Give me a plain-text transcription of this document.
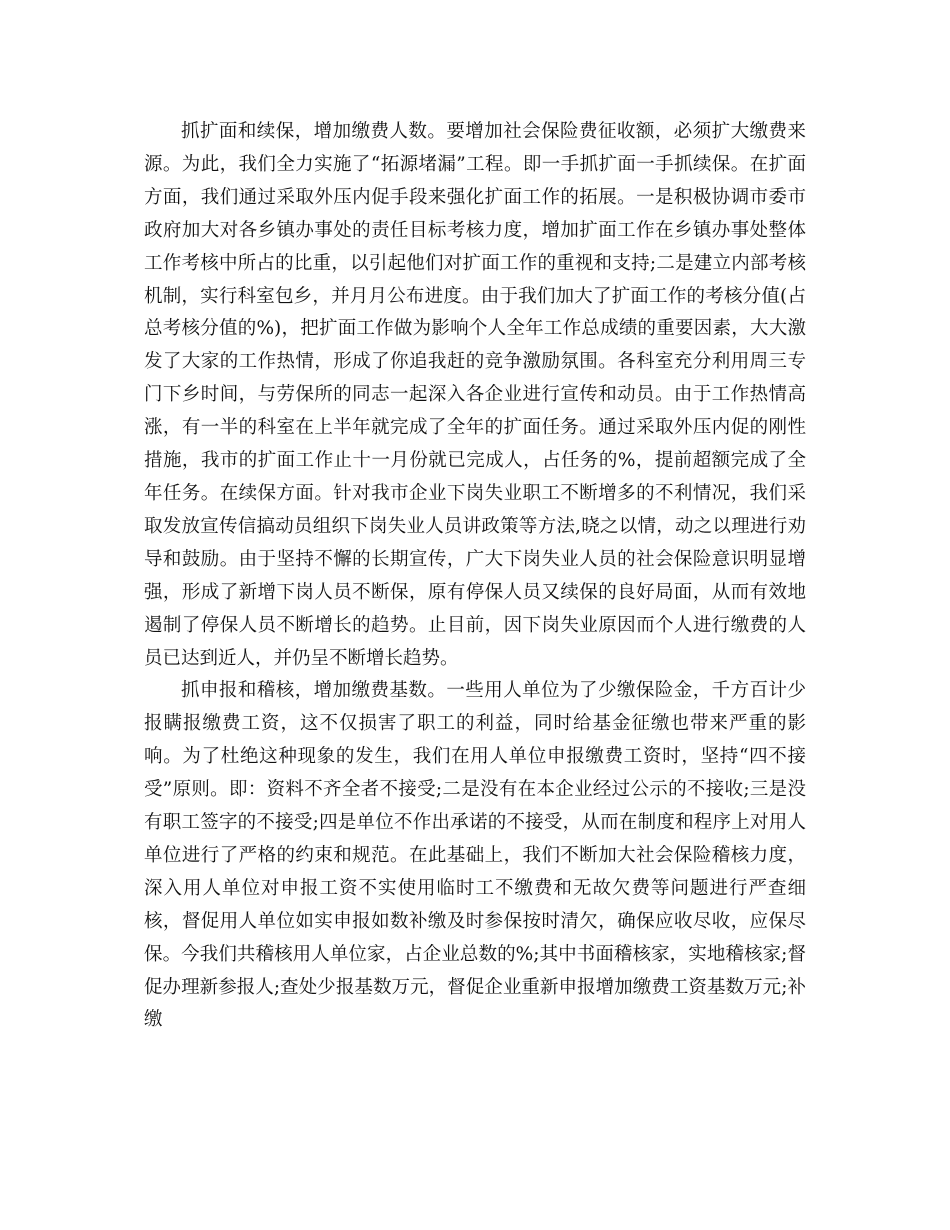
抓扩面和续保，增加缴费人数。要增加社会保险费征收额，必须扩大缴费来源。为此，我们全力实施了“拓源堵漏”工程。即一手抓扩面一手抓续保。在扩面方面，我们通过采取外压内促手段来强化扩面工作的拓展。一是积极协调市委市政府加大对各乡镇办事处的责任目标考核力度，增加扩面工作在乡镇办事处整体工作考核中所占的比重，以引起他们对扩面工作的重视和支持;二是建立内部考核机制，实行科室包乡，并月月公布进度。由于我们加大了扩面工作的考核分值(占总考核分值的%)，把扩面工作做为影响个人全年工作总成绩的重要因素，大大激发了大家的工作热情，形成了你追我赶的竞争激励氛围。各科室充分利用周三专门下乡时间，与劳保所的同志一起深入各企业进行宣传和动员。由于工作热情高涨，有一半的科室在上半年就完成了全年的扩面任务。通过采取外压内促的刚性措施，我市的扩面工作止十一月份就已完成人，占任务的%，提前超额完成了全年任务。在续保方面。针对我市企业下岗失业职工不断增多的不利情况，我们采取发放宣传信搞动员组织下岗失业人员讲政策等方法,晓之以情，动之以理进行劝导和鼓励。由于坚持不懈的长期宣传，广大下岗失业人员的社会保险意识明显增强，形成了新增下岗人员不断保，原有停保人员又续保的良好局面，从而有效地遏制了停保人员不断增长的趋势。止目前，因下岗失业原因而个人进行缴费的人员已达到近人，并仍呈不断增长趋势。

抓申报和稽核，增加缴费基数。一些用人单位为了少缴保险金，千方百计少报瞒报缴费工资，这不仅损害了职工的利益，同时给基金征缴也带来严重的影响。为了杜绝这种现象的发生，我们在用人单位申报缴费工资时，坚持“四不接受”原则。即：资料不齐全者不接受;二是没有在本企业经过公示的不接收;三是没有职工签字的不接受;四是单位不作出承诺的不接受，从而在制度和程序上对用人单位进行了严格的约束和规范。在此基础上，我们不断加大社会保险稽核力度，深入用人单位对申报工资不实使用临时工不缴费和无故欠费等问题进行严查细核，督促用人单位如实申报如数补缴及时参保按时清欠，确保应收尽收，应保尽保。今我们共稽核用人单位家，占企业总数的%;其中书面稽核家，实地稽核家;督促办理新参报人;查处少报基数万元，督促企业重新申报增加缴费工资基数万元;补缴
